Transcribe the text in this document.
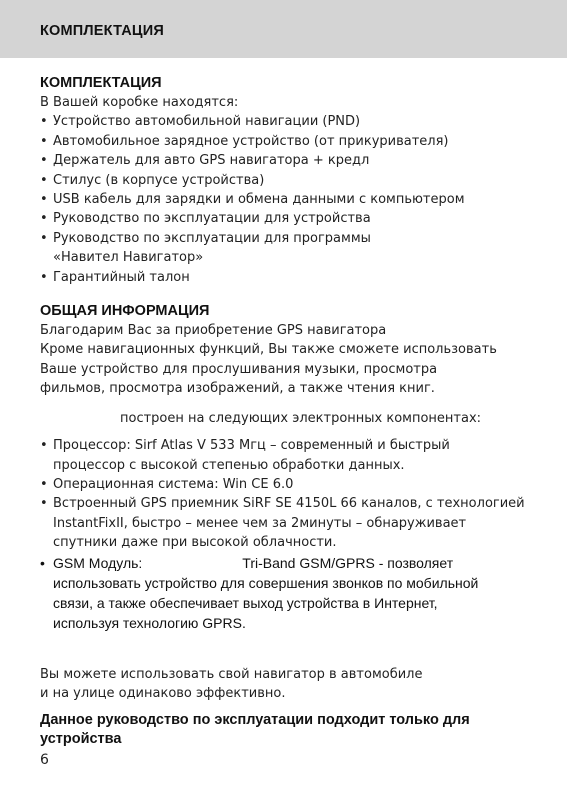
КОМПЛЕКТАЦИЯ
КОМПЛЕКТАЦИЯ
В Вашей коробке находятся:
• Устройство автомобильной навигации (PND)
• Автомобильное зарядное устройство (от прикуривателя)
• Держатель для авто GPS навигатора + кредл
• Стилус (в корпусе устройства)
• USB кабель для зарядки и обмена данными с компьютером
• Руководство по эксплуатации для устройства
• Руководство по эксплуатации для программы
«Навител Навигатор»
• Гарантийный талон
ОБЩАЯ ИНФОРМАЦИЯ
Благодарим Вас за приобретение GPS навигатора
Кроме навигационных функций, Вы также сможете использовать
Ваше устройство для прослушивания музыки, просмотра
фильмов, просмотра изображений, а также чтения книг.
построен на следующих электронных компонентах:
• Процессор: Sirf Atlas V 533 Мгц – современный и быстрый
процессор с высокой степенью обработки данных.
• Операционная система: Win CE 6.0
• Встроенный GPS приемник SiRF SE 4150L 66 каналов, с технологией
InstantFixII, быстро – менее чем за 2минуты – обнаруживает
спутники даже при высокой облачности.
• GSM Модуль:	Tri-Band GSM/GPRS - позволяет
использовать устройство для совершения звонков по мобильной
связи, а также обеспечивает выход устройства в Интернет,
используя технологию GPRS.
Вы можете использовать свой навигатор в автомобиле
и на улице одинаково эффективно.
Данное руководство по эксплуатации подходит только для
устройства
6
